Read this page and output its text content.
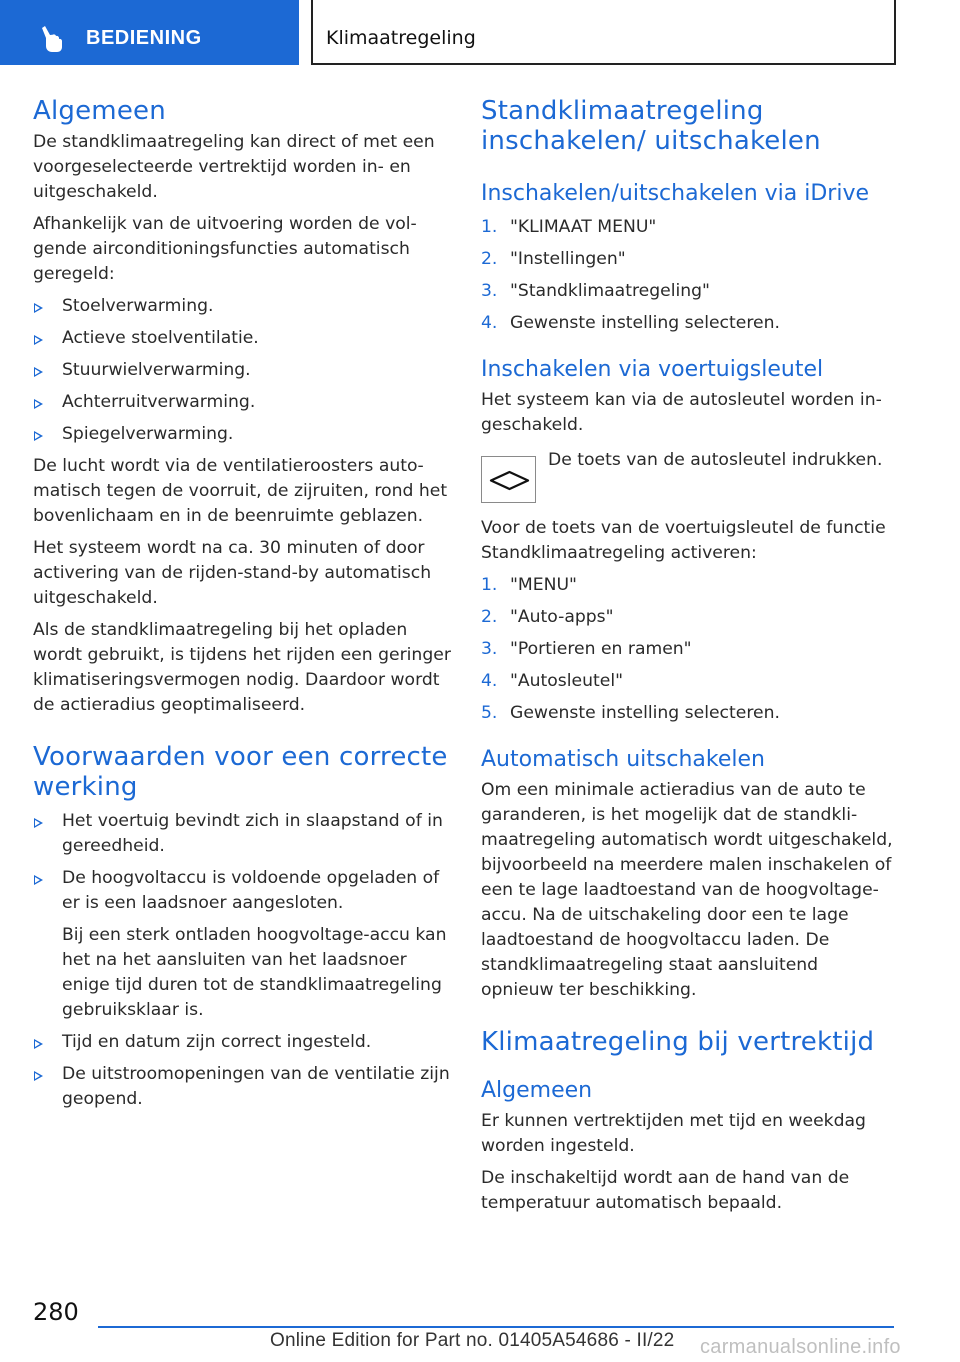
BEDIENING	Klimaatregeling
Algemeen

De standklimaatregeling kan direct of met een voorgeselecteerde vertrektijd worden in- en uitgeschakeld.

Afhankelijk van de uitvoering worden de volgende airconditioningsfuncties automatisch geregeld:

Stoelverwarming.
Actieve stoelventilatie.
Stuurwielverwarming.
Achterruitverwarming.
Spiegelverwarming.

De lucht wordt via de ventilatieroosters automatisch tegen de voorruit, de zijruiten, rond het bovenlichaam en in de beenruimte geblazen.

Het systeem wordt na ca. 30 minuten of door activering van de rijden-stand-by automatisch uitgeschakeld.

Als de standklimaatregeling bij het opladen wordt gebruikt, is tijdens het rijden een geringer klimatiseringsvermogen nodig. Daardoor wordt de actieradius geoptimaliseerd.

Voorwaarden voor een correcte werking
Het voertuig bevindt zich in slaapstand of in gereedheid.
De hoogvoltaccu is voldoende opgeladen of er is een laadsnoer aangesloten.

Bij een sterk ontladen hoogvoltage-accu kan het na het aansluiten van het laadsnoer enige tijd duren tot de standklimaatregeling gebruiksklaar is.

Tijd en datum zijn correct ingesteld.
De uitstroomopeningen van de ventilatie zijn geopend.
Standklimaatregeling inschakelen/ uitschakelen
Inschakelen/uitschakelen via iDrive
1. "KLIMAAT MENU"
2. "Instellingen"
3. "Standklimaatregeling"
4. Gewenste instelling selecteren.
Inschakelen via voertuigsleutel

Het systeem kan via de autosleutel worden ingeschakeld.

De toets van de autosleutel indrukken.

Voor de toets van de voertuigsleutel de functie Standklimaatregeling activeren:

1. "MENU"
2. "Auto-apps"
3. "Portieren en ramen"
4. "Autosleutel"
5. Gewenste instelling selecteren.
Automatisch uitschakelen

Om een minimale actieradius van de auto te garanderen, is het mogelijk dat de standklimaatregeling automatisch wordt uitgeschakeld, bijvoorbeeld na meerdere malen inschakelen of een te lage laadtoestand van de hoogvoltage-accu. Na de uitschakeling door een te lage laadtoestand de hoogvoltaccu laden. De standklimaatregeling staat aansluitend opnieuw ter beschikking.

Klimaatregeling bij vertrektijd
Algemeen

Er kunnen vertrektijden met tijd en weekdag worden ingesteld.

De inschakeltijd wordt aan de hand van de temperatuur automatisch bepaald.

280
Online Edition for Part no. 01405A54686 - II/22 carmanualsonline.info
